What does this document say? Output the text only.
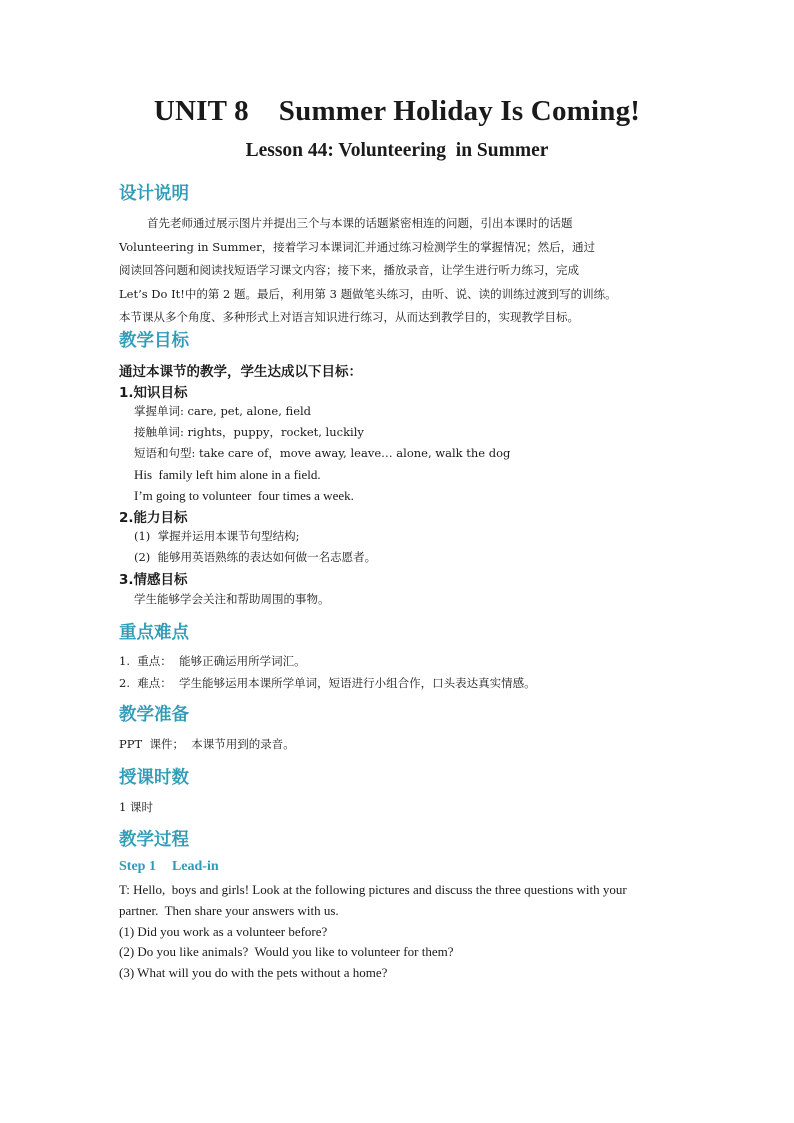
UNIT 8 Summer Holiday Is Coming!
Lesson 44: Volunteering  in Summer
设计说明
首先老师通过展示图片并提出三个与本课的话题紧密相连的问题，引出本课时的话题
Volunteering in Summer，接着学习本课词汇并通过练习检测学生的掌握情况；然后，通过
阅读回答问题和阅读找短语学习课文内容；接下来，播放录音，让学生进行听力练习，完成
Let’s Do It!中的第 2 题。最后，利用第 3 题做笔头练习，由听、说、读的训练过渡到写的训练。
本节课从多个角度、多种形式上对语言知识进行练习，从而达到教学目的，实现教学目标。
教学目标
通过本课节的教学，学生达成以下目标：
1.知识目标
掌握单词: care, pet, alone, field
接触单词: rights，puppy，rocket, luckily
短语和句型: take care of，move away, leave… alone, walk the dog
His  family left him alone in a field.
I’m going to volunteer  four times a week.
2.能力目标
(1)  掌握并运用本课节句型结构;
(2)  能够用英语熟练的表达如何做一名志愿者。
3.情感目标
学生能够学会关注和帮助周围的事物。
重点难点
1.  重点：  能够正确运用所学词汇。
2.  难点：  学生能够运用本课所学单词，短语进行小组合作，口头表达真实情感。
教学准备
PPT  课件；  本课节用到的录音。
授课时数
1 课时
教学过程
Step 1 Lead-in
T: Hello,  boys and girls! Look at the following pictures and discuss the three questions with your
partner.  Then share your answers with us.
(1) Did you work as a volunteer before?
(2) Do you like animals?  Would you like to volunteer for them?
(3) What will you do with the pets without a home?
